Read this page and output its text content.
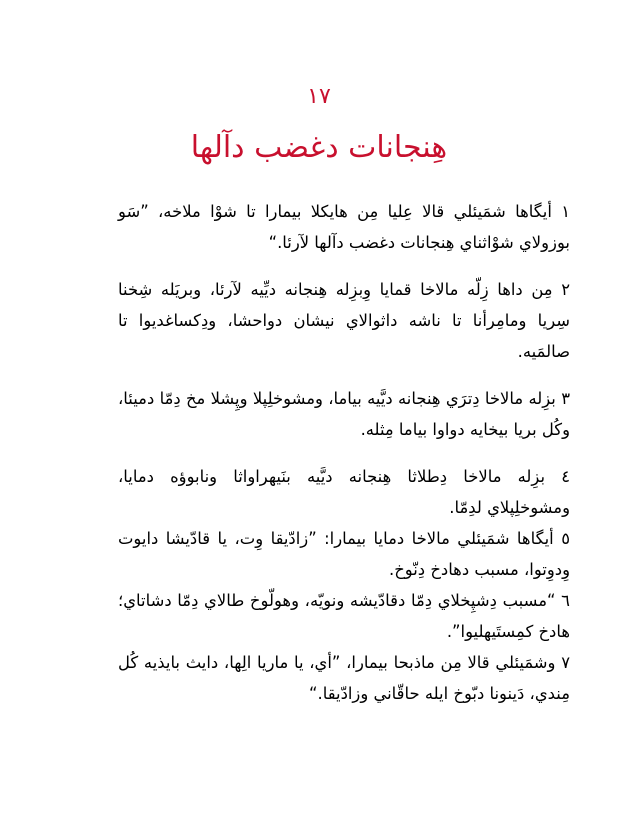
١٧
هِنجانات دغضب دآلها

١ أيگاها شمَيئلي قالا عِليا مِن هايكلا بيمارا تا شوْا ملاخه، ”سَو بوزولاي شوْاثناي هِنجانات دغضب دآلها لآرئا.“

٢ مِن داها زِلّه مالاخا قمايا وِبزِله هِنجانه ديِّيه لآرئا، وبريَله شِخنا سِريا ومامِرأنا تا ناشه داثوالاي نيشان دواحشا، ودِكساغديوا تا صالمَيه.

٣ بزِله مالاخا دِترَي هِنجانه ديَّيه بياما، ومشوخلِپلا وپِشلا مخ دِمّا دميئا، وكُل بريا بيخايه دواوا بياما مِثله.

٤ بزِله مالاخا دِطلاثا هِنجانه ديَّيه بنَيهراواثا ونابوؤه دمايا، ومشوخلِپلاي لدِمّا.

٥ أيگاها شمَيئلي مالاخا دمايا بيمارا: ”زادّيقا وِت، يا قادّيشا دايوت وِدوِتوا، مسبب دهادخ دِنّوخ.

٦ “مسبب دِشپِخلاي دِمّا دقادّيشه ونويّه، وهولّوخ طالاي دِمّا دشاتاي؛ هادخ كمِستَيهليوا”.

٧ وشمَيئلي قالا مِن ماذبحا بيمارا، ”أي، يا ماريا الِها، دايث بايذيه كُل مِندي، دَينونا دبّوخ ايله حاقّاني وزادّيقا.“
